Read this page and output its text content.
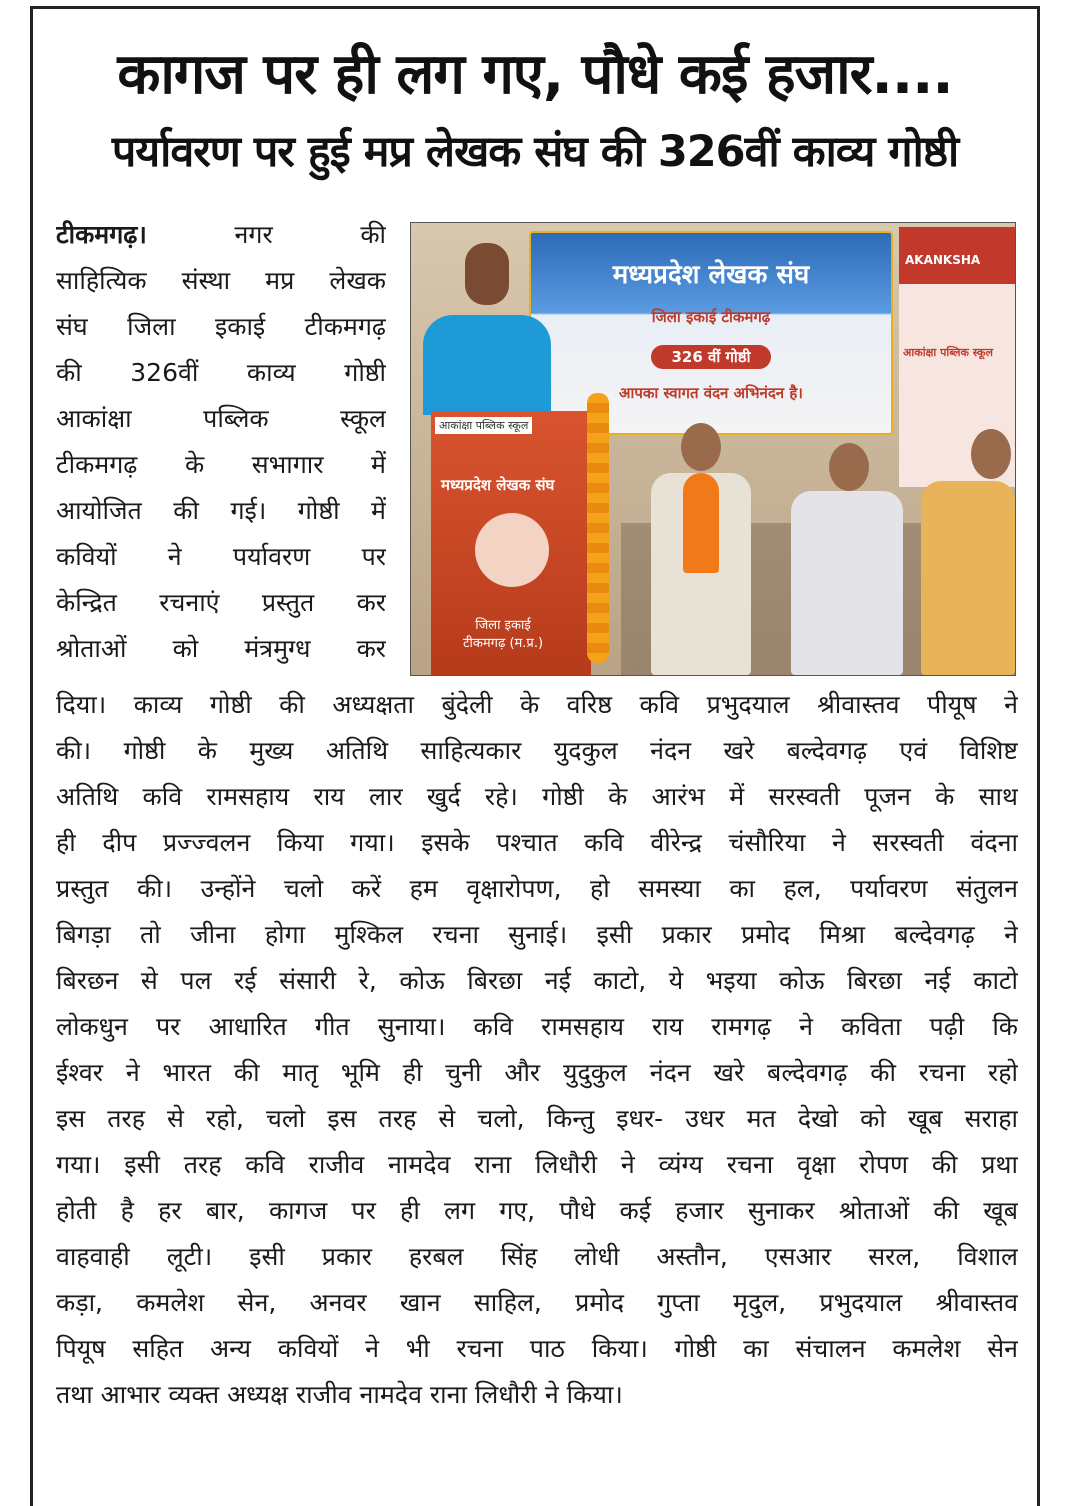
कागज पर ही लग गए, पौधे कई हजार....
पर्यावरण पर हुई मप्र लेखक संघ की 326वीं काव्य गोष्ठी
टीकमगढ़। नगर की
साहित्यिक संस्था मप्र लेखक
संघ जिला इकाई टीकमगढ़
की 326वीं काव्य गोष्ठी
आकांक्षा पब्लिक स्कूल
टीकमगढ़ के सभागार में
आयोजित की गई। गोष्ठी में
कवियों ने पर्यावरण पर
केन्द्रित रचनाएं प्रस्तुत कर
श्रोताओं को मंत्रमुग्ध कर
मध्यप्रदेश लेखक संघ
जिला इकाई टीकमगढ़
326 वीं गोष्ठी
आपका स्वागत वंदन अभिनंदन है।
AKANKSHA
आकांक्षा पब्लिक स्कूल
आकांक्षा पब्लिक स्कूल
मध्यप्रदेश लेखक संघ
जिला इकाई
टीकमगढ़ (म.प्र.)
दिया। काव्य गोष्ठी की अध्यक्षता बुंदेली के वरिष्ठ कवि प्रभुदयाल श्रीवास्तव पीयूष ने
की। गोष्ठी के मुख्य अतिथि साहित्यकार युदकुल नंदन खरे बल्देवगढ़ एवं विशिष्ट
अतिथि कवि रामसहाय राय लार खुर्द रहे। गोष्ठी के आरंभ में सरस्वती पूजन के साथ
ही दीप प्रज्ज्वलन किया गया। इसके पश्चात कवि वीरेन्द्र चंसौरिया ने सरस्वती वंदना
प्रस्तुत की। उन्होंने चलो करें हम वृक्षारोपण, हो समस्या का हल, पर्यावरण संतुलन
बिगड़ा तो जीना होगा मुश्किल रचना सुनाई। इसी प्रकार प्रमोद मिश्रा बल्देवगढ़ ने
बिरछन से पल रई संसारी रे, कोऊ बिरछा नई काटो, ये भइया कोऊ बिरछा नई काटो
लोकधुन पर आधारित गीत सुनाया। कवि रामसहाय राय रामगढ़ ने कविता पढ़ी कि
ईश्वर ने भारत की मातृ भूमि ही चुनी और युदुकुल नंदन खरे बल्देवगढ़ की रचना रहो
इस तरह से रहो, चलो इस तरह से चलो, किन्तु इधर- उधर मत देखो को खूब सराहा
गया। इसी तरह कवि राजीव नामदेव राना लिधौरी ने व्यंग्य रचना वृक्षा रोपण की प्रथा
होती है हर बार, कागज पर ही लग गए, पौधे कई हजार सुनाकर श्रोताओं की खूब
वाहवाही लूटी। इसी प्रकार हरबल सिंह लोधी अस्तौन, एसआर सरल, विशाल
कड़ा, कमलेश सेन, अनवर खान साहिल, प्रमोद गुप्ता मृदुल, प्रभुदयाल श्रीवास्तव
पियूष सहित अन्य कवियों ने भी रचना पाठ किया। गोष्ठी का संचालन कमलेश सेन
तथा आभार व्यक्त अध्यक्ष राजीव नामदेव राना लिधौरी ने किया।
